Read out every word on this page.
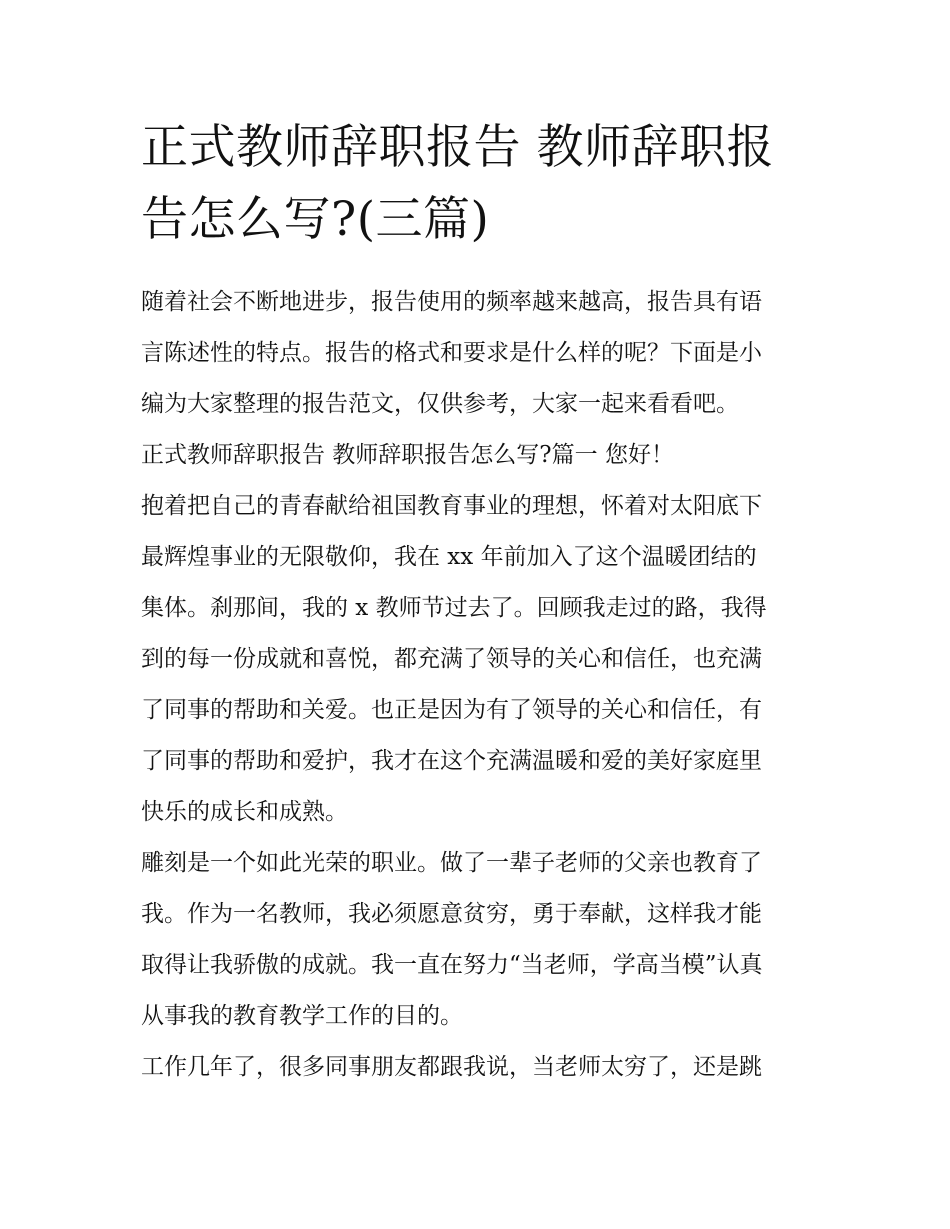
正式教师辞职报告 教师辞职报
告怎么写?(三篇)

随着社会不断地进步，报告使用的频率越来越高，报告具有语

言陈述性的特点。报告的格式和要求是什么样的呢？下面是小

编为大家整理的报告范文，仅供参考，大家一起来看看吧。

正式教师辞职报告 教师辞职报告怎么写?篇一 您好！

抱着把自己的青春献给祖国教育事业的理想，怀着对太阳底下

最辉煌事业的无限敬仰，我在 xx 年前加入了这个温暖团结的

集体。刹那间，我的 x 教师节过去了。回顾我走过的路，我得

到的每一份成就和喜悦，都充满了领导的关心和信任，也充满

了同事的帮助和关爱。也正是因为有了领导的关心和信任，有

了同事的帮助和爱护，我才在这个充满温暖和爱的美好家庭里

快乐的成长和成熟。

雕刻是一个如此光荣的职业。做了一辈子老师的父亲也教育了

我。作为一名教师，我必须愿意贫穷，勇于奉献，这样我才能

取得让我骄傲的成就。我一直在努力“当老师，学高当模”认真

从事我的教育教学工作的目的。

工作几年了，很多同事朋友都跟我说，当老师太穷了，还是跳
